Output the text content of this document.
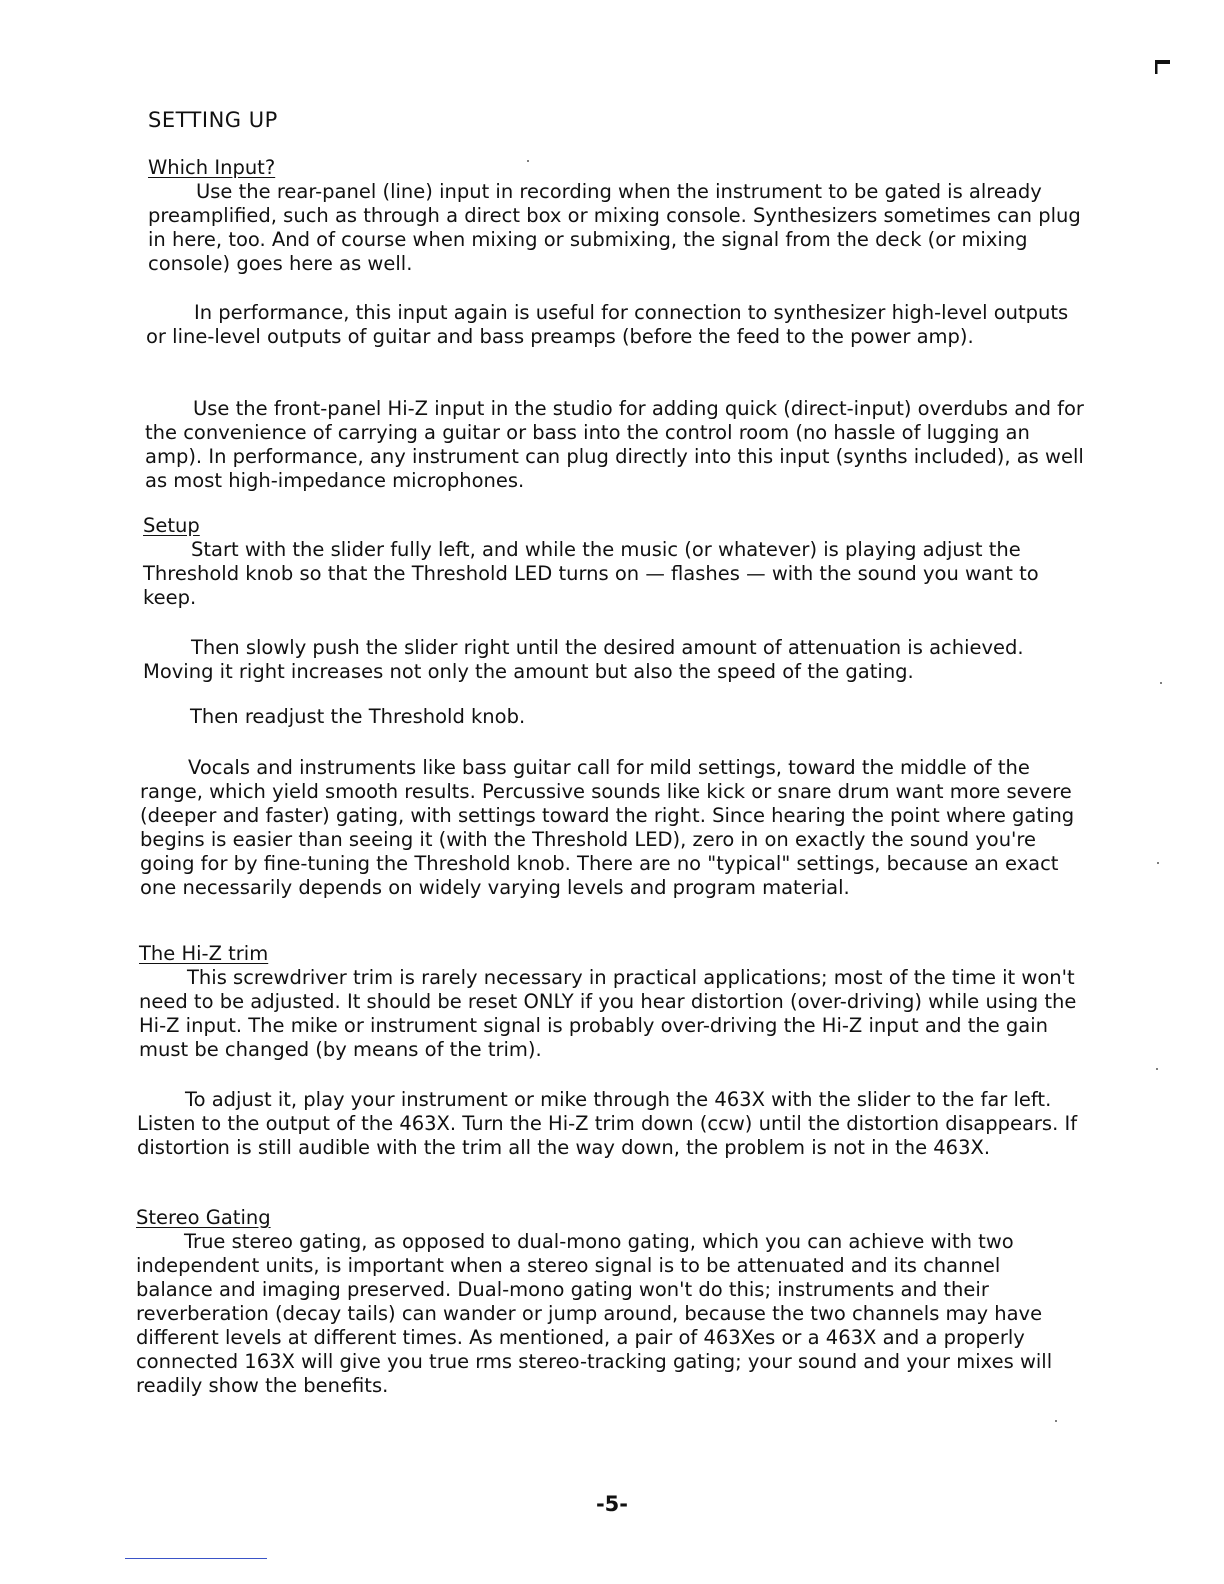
SETTING UP
Which Input?

Use the rear-panel (line) input in recording when the instrument to be gated is already preamplified, such as through a direct box or mixing console. Synthesizers sometimes can plug in here, too. And of course when mixing or submixing, the signal from the deck (or mixing console) goes here as well.

In performance, this input again is useful for connection to synthesizer high-level outputs or line-level outputs of guitar and bass preamps (before the feed to the power amp).

Use the front-panel Hi-Z input in the studio for adding quick (direct-input) overdubs and for the convenience of carrying a guitar or bass into the control room (no hassle of lugging an amp). In performance, any instrument can plug directly into this input (synths included), as well as most high-impedance microphones.

Setup

Start with the slider fully left, and while the music (or whatever) is playing adjust the Threshold knob so that the Threshold LED turns on — flashes — with the sound you want to keep.

Then slowly push the slider right until the desired amount of attenuation is achieved. Moving it right increases not only the amount but also the speed of the gating.

Then readjust the Threshold knob.

Vocals and instruments like bass guitar call for mild settings, toward the middle of the range, which yield smooth results. Percussive sounds like kick or snare drum want more severe (deeper and faster) gating, with settings toward the right. Since hearing the point where gating begins is easier than seeing it (with the Threshold LED), zero in on exactly the sound you're going for by fine-tuning the Threshold knob. There are no "typical" settings, because an exact one necessarily depends on widely varying levels and program material.

The Hi-Z trim

This screwdriver trim is rarely necessary in practical applications; most of the time it won't need to be adjusted. It should be reset ONLY if you hear distortion (over-driving) while using the Hi-Z input. The mike or instrument signal is probably over-driving the Hi-Z input and the gain must be changed (by means of the trim).

To adjust it, play your instrument or mike through the 463X with the slider to the far left. Listen to the output of the 463X. Turn the Hi-Z trim down (ccw) until the distortion disappears. If distortion is still audible with the trim all the way down, the problem is not in the 463X.

Stereo Gating

True stereo gating, as opposed to dual-mono gating, which you can achieve with two independent units, is important when a stereo signal is to be attenuated and its channel balance and imaging preserved. Dual-mono gating won't do this; instruments and their reverberation (decay tails) can wander or jump around, because the two channels may have different levels at different times. As mentioned, a pair of 463Xes or a 463X and a properly connected 163X will give you true rms stereo-tracking gating; your sound and your mixes will readily show the benefits.

-5-
